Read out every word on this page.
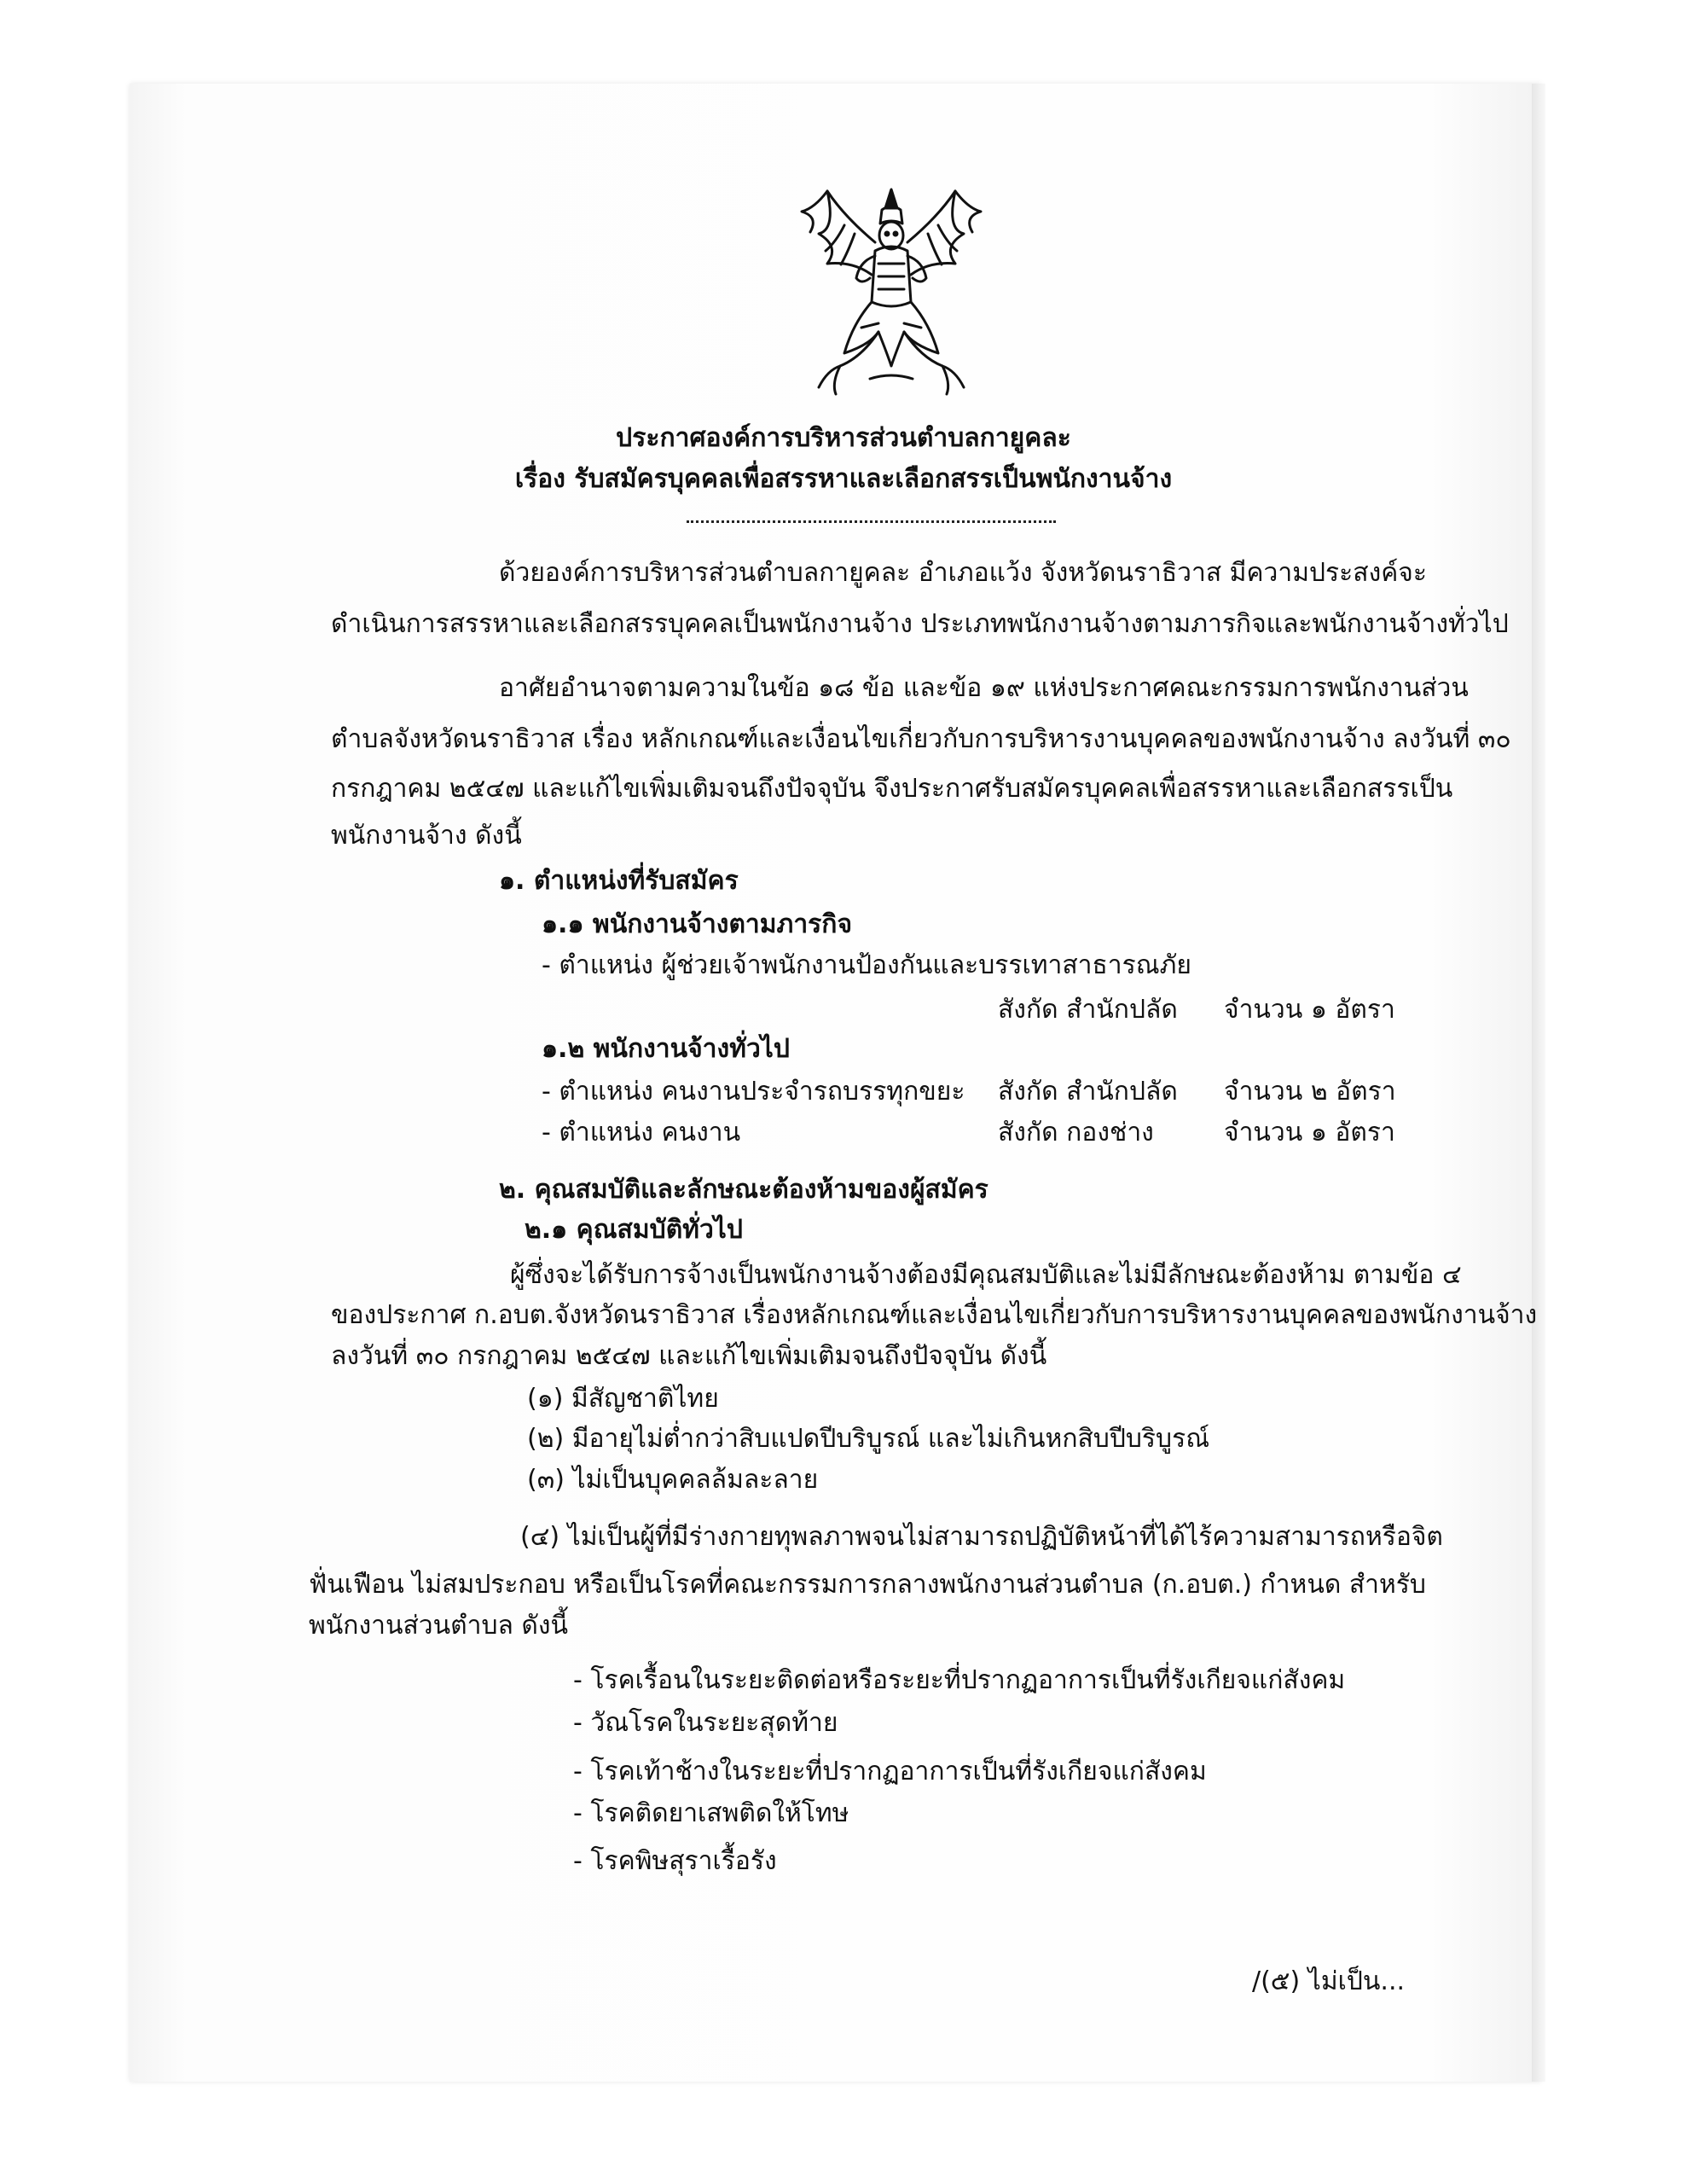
ประกาศองค์การบริหารส่วนตำบลกายูคละ
เรื่อง รับสมัครบุคคลเพื่อสรรหาและเลือกสรรเป็นพนักงานจ้าง
ด้วยองค์การบริหารส่วนตำบลกายูคละ อำเภอแว้ง จังหวัดนราธิวาส มีความประสงค์จะ
ดำเนินการสรรหาและเลือกสรรบุคคลเป็นพนักงานจ้าง ประเภทพนักงานจ้างตามภารกิจและพนักงานจ้างทั่วไป
อาศัยอำนาจตามความในข้อ ๑๘ ข้อ และข้อ ๑๙ แห่งประกาศคณะกรรมการพนักงานส่วน
ตำบลจังหวัดนราธิวาส เรื่อง หลักเกณฑ์และเงื่อนไขเกี่ยวกับการบริหารงานบุคคลของพนักงานจ้าง ลงวันที่ ๓๐
กรกฎาคม ๒๕๔๗ และแก้ไขเพิ่มเติมจนถึงปัจจุบัน จึงประกาศรับสมัครบุคคลเพื่อสรรหาและเลือกสรรเป็น
พนักงานจ้าง ดังนี้
๑. ตำแหน่งที่รับสมัคร
๑.๑ พนักงานจ้างตามภารกิจ
- ตำแหน่ง ผู้ช่วยเจ้าพนักงานป้องกันและบรรเทาสาธารณภัย
สังกัด สำนักปลัด จำนวน ๑ อัตรา
๑.๒ พนักงานจ้างทั่วไป
- ตำแหน่ง คนงานประจำรถบรรทุกขยะ สังกัด สำนักปลัด จำนวน ๒ อัตรา
- ตำแหน่ง คนงาน	สังกัด กองช่าง	จำนวน ๑ อัตรา
๒. คุณสมบัติและลักษณะต้องห้ามของผู้สมัคร
๒.๑ คุณสมบัติทั่วไป
ผู้ซึ่งจะได้รับการจ้างเป็นพนักงานจ้างต้องมีคุณสมบัติและไม่มีลักษณะต้องห้าม ตามข้อ ๔
ของประกาศ ก.อบต.จังหวัดนราธิวาส เรื่องหลักเกณฑ์และเงื่อนไขเกี่ยวกับการบริหารงานบุคคลของพนักงานจ้าง
ลงวันที่ ๓๐ กรกฎาคม ๒๕๔๗ และแก้ไขเพิ่มเติมจนถึงปัจจุบัน ดังนี้
(๑) มีสัญชาติไทย
(๒) มีอายุไม่ต่ำกว่าสิบแปดปีบริบูรณ์ และไม่เกินหกสิบปีบริบูรณ์
(๓) ไม่เป็นบุคคลล้มละลาย
(๔) ไม่เป็นผู้ที่มีร่างกายทุพลภาพจนไม่สามารถปฏิบัติหน้าที่ได้ไร้ความสามารถหรือจิต
ฟั่นเฟือน ไม่สมประกอบ หรือเป็นโรคที่คณะกรรมการกลางพนักงานส่วนตำบล (ก.อบต.) กำหนด สำหรับ
พนักงานส่วนตำบล ดังนี้
- โรคเรื้อนในระยะติดต่อหรือระยะที่ปรากฏอาการเป็นที่รังเกียจแก่สังคม
- วัณโรคในระยะสุดท้าย
- โรคเท้าช้างในระยะที่ปรากฏอาการเป็นที่รังเกียจแก่สังคม
- โรคติดยาเสพติดให้โทษ
- โรคพิษสุราเรื้อรัง
/(๕) ไม่เป็น...
